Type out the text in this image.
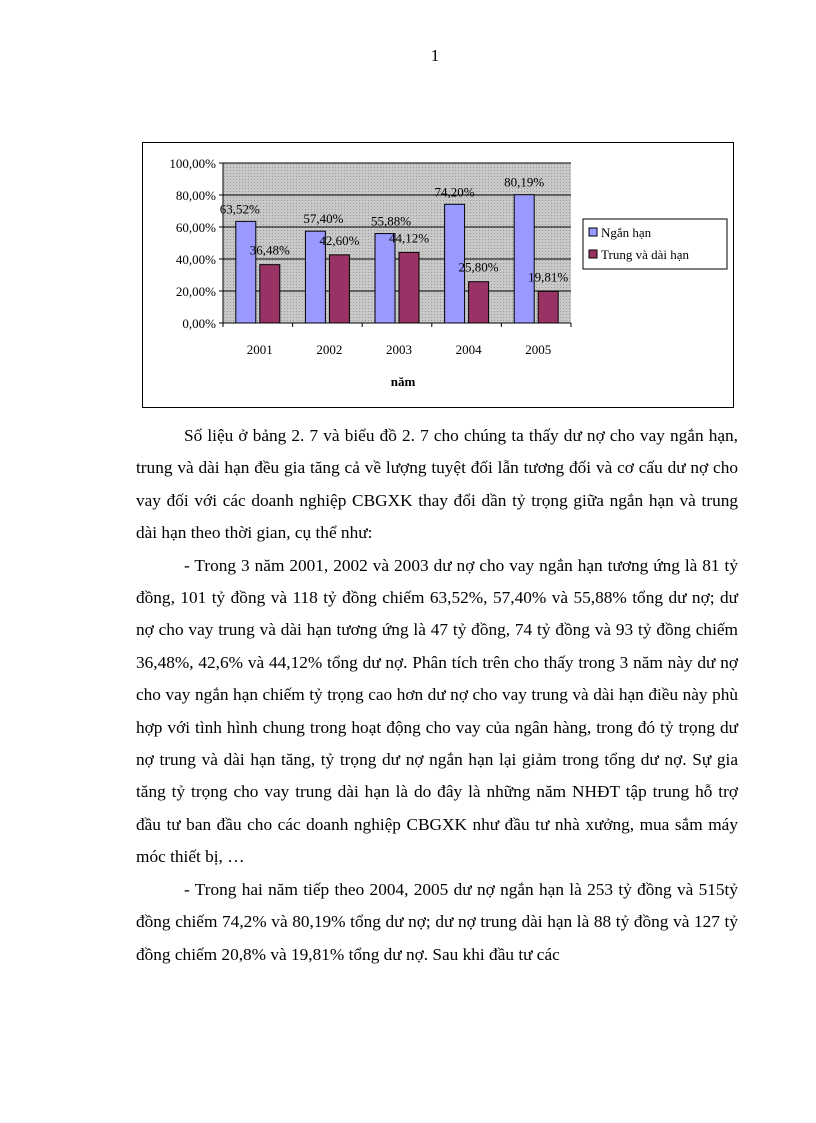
1
63,52%
36,48%
57,40%
42,60%
55,88%
44,12%
74,20%
25,80%
80,19%
19,81%
0,00%
20,00%
40,00%
60,00%
80,00%
100,00%
2001	2002	2003	2004	2005
năm
Ngắn hạn
Trung và dài hạn

Số liệu ở bảng 2. 7 và biểu đồ 2. 7 cho chúng ta thấy dư nợ cho vay ngắn hạn, trung và dài hạn đều gia tăng cả về lượng tuyệt đối lẫn tương đối và cơ cấu dư nợ cho vay đối với các doanh nghiệp CBGXK thay đổi dần tỷ trọng giữa ngắn hạn và trung dài hạn theo thời gian, cụ thể như:

- Trong 3 năm 2001, 2002 và 2003 dư nợ cho vay ngắn hạn tương ứng là 81 tỷ đồng, 101 tỷ đồng và 118 tỷ đồng chiếm 63,52%, 57,40% và 55,88% tổng dư nợ; dư nợ cho vay trung và dài hạn tương ứng là 47 tỷ đồng, 74 tỷ đồng và 93 tỷ đồng chiếm 36,48%, 42,6% và 44,12% tổng dư nợ. Phân tích trên cho thấy trong 3 năm này dư nợ cho vay ngắn hạn chiếm tỷ trọng cao hơn dư nợ cho vay trung và dài hạn điều này phù hợp với tình hình chung trong hoạt động cho vay của ngân hàng, trong đó tỷ trọng dư nợ trung và dài hạn tăng, tỷ trọng dư nợ ngắn hạn lại giảm trong tổng dư nợ. Sự gia tăng tỷ trọng cho vay trung dài hạn là do đây là những năm NHĐT tập trung hỗ trợ đầu tư ban đầu cho các doanh nghiệp CBGXK như đầu tư nhà xưởng, mua sắm máy móc thiết bị, …

- Trong hai năm tiếp theo 2004, 2005 dư nợ ngắn hạn là 253 tỷ đồng và 515tỷ đồng chiếm 74,2% và 80,19% tổng dư nợ; dư nợ trung dài hạn là 88 tỷ đồng và 127 tỷ đồng chiếm 20,8% và 19,81% tổng dư nợ. Sau khi đầu tư các
